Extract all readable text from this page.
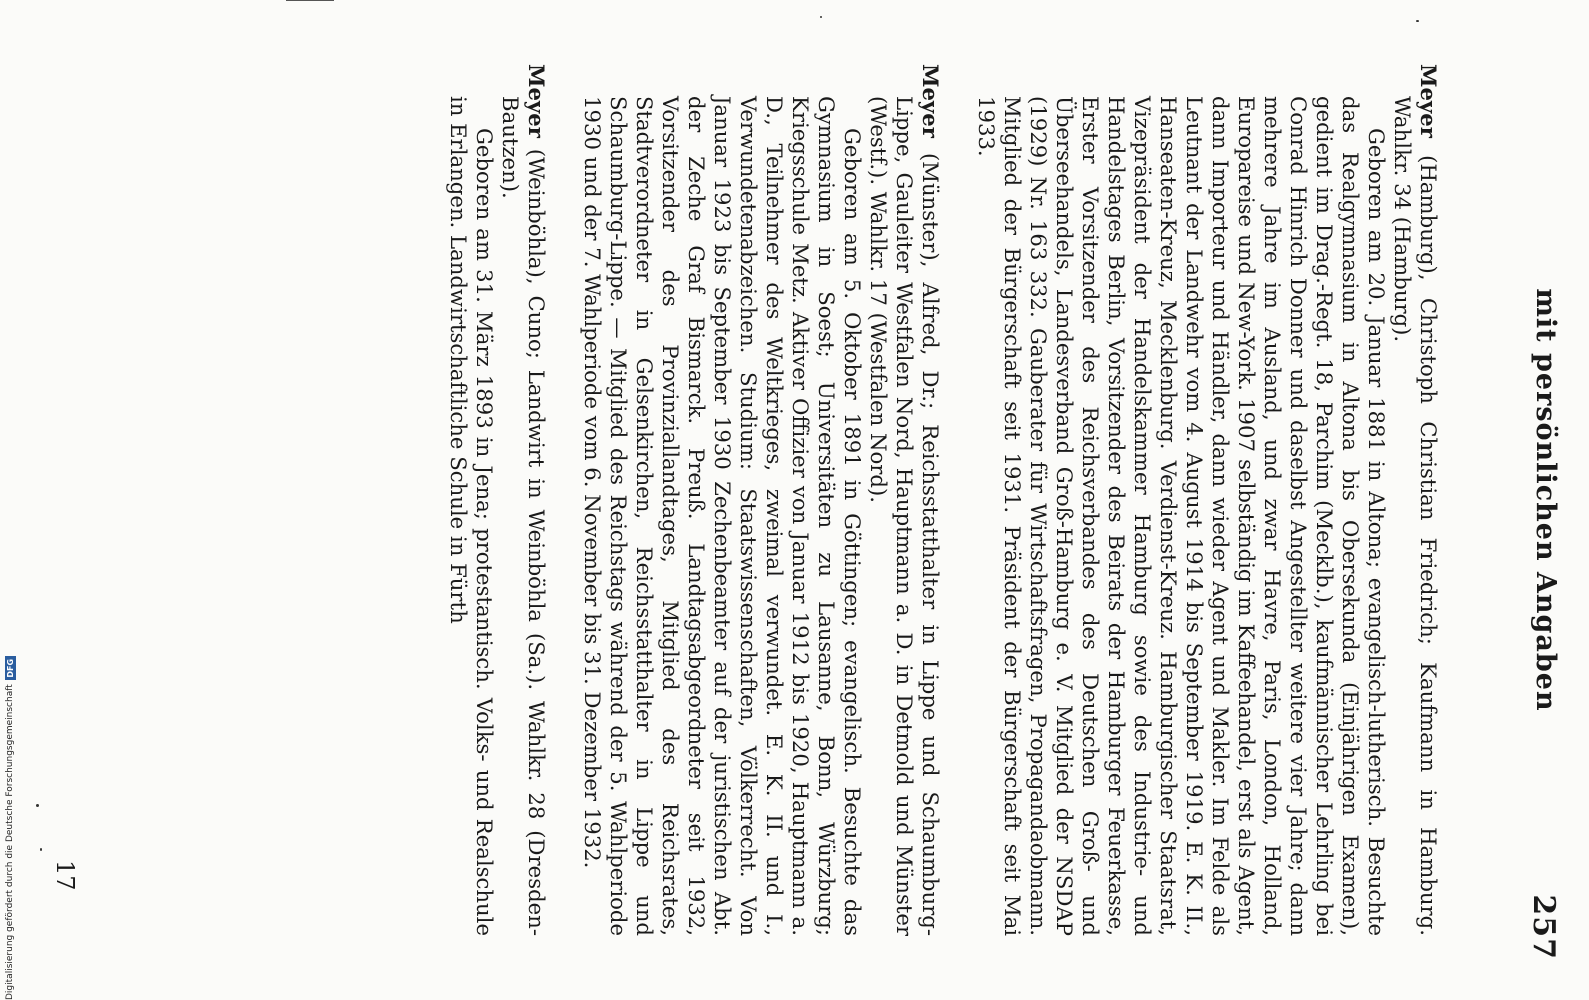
mit persönlichen Angaben
257

Meyer (Hamburg), Christoph Christian Friedrich; Kaufmann in Hamburg. Wahlkr. 34 (Hamburg).

Geboren am 20. Januar 1881 in Altona; evangelisch-lutherisch. Besuchte das Realgymnasium in Altona bis Obersekunda (Einjährigen Examen), gedient im Drag.-Regt. 18, Parchim (Mecklb.), kaufmännischer Lehrling bei Conrad Hinrich Donner und daselbst Angestellter weitere vier Jahre; dann mehrere Jahre im Ausland, und zwar Havre, Paris, London, Holland, Europareise und New-York. 1907 selbständig im Kaffeehandel, erst als Agent, dann Importeur und Händler, dann wieder Agent und Makler. Im Felde als Leutnant der Landwehr vom 4. August 1914 bis September 1919. E. K. II., Hanseaten-Kreuz, Mecklenburg. Verdienst-Kreuz. Hamburgischer Staatsrat, Vizepräsident der Handelskammer Hamburg sowie des Industrie- und Handelstages Berlin, Vorsitzender des Beirats der Hamburger Feuerkasse, Erster Vorsitzender des Reichsverbandes des Deutschen Groß- und Überseehandels, Landesverband Groß-Hamburg e. V. Mitglied der NSDAP (1929) Nr. 163 332. Gauberater für Wirtschaftsfragen, Propagandaobmann. Mitglied der Bürgerschaft seit 1931. Präsident der Bürgerschaft seit Mai 1933.

Meyer (Münster), Alfred, Dr.; Reichsstatthalter in Lippe und Schaumburg-Lippe, Gauleiter Westfalen Nord, Hauptmann a. D. in Detmold und Münster (Westf.). Wahlkr. 17 (Westfalen Nord).

Geboren am 5. Oktober 1891 in Göttingen; evangelisch. Besuchte das Gymnasium in Soest; Universitäten zu Lausanne, Bonn, Würzburg; Kriegsschule Metz. Aktiver Offizier von Januar 1912 bis 1920, Hauptmann a. D., Teilnehmer des Weltkrieges, zweimal verwundet. E. K. II. und I., Verwundetenabzeichen. Studium: Staatswissenschaften, Völkerrecht. Von Januar 1923 bis September 1930 Zechenbeamter auf der juristischen Abt. der Zeche Graf Bismarck. Preuß. Landtagsabgeordneter seit 1932, Vorsitzender des Provinziallandtages, Mitglied des Reichsrates, Stadtverordneter in Gelsenkirchen, Reichsstatthalter in Lippe und Schaumburg-Lippe. — Mitglied des Reichstags während der 5. Wahlperiode 1930 und der 7. Wahlperiode vom 6. November bis 31. Dezember 1932.

Meyer (Weinböhla), Cuno; Landwirt in Weinböhla (Sa.). Wahlkr. 28 (Dresden-Bautzen).

Geboren am 31. März 1893 in Jena; protestantisch. Volks- und Realschule in Erlangen. Landwirtschaftliche Schule in Fürth

17
Digitalisierung gefördert durch die Deutsche Forschungsgemeinschaft
DFG
